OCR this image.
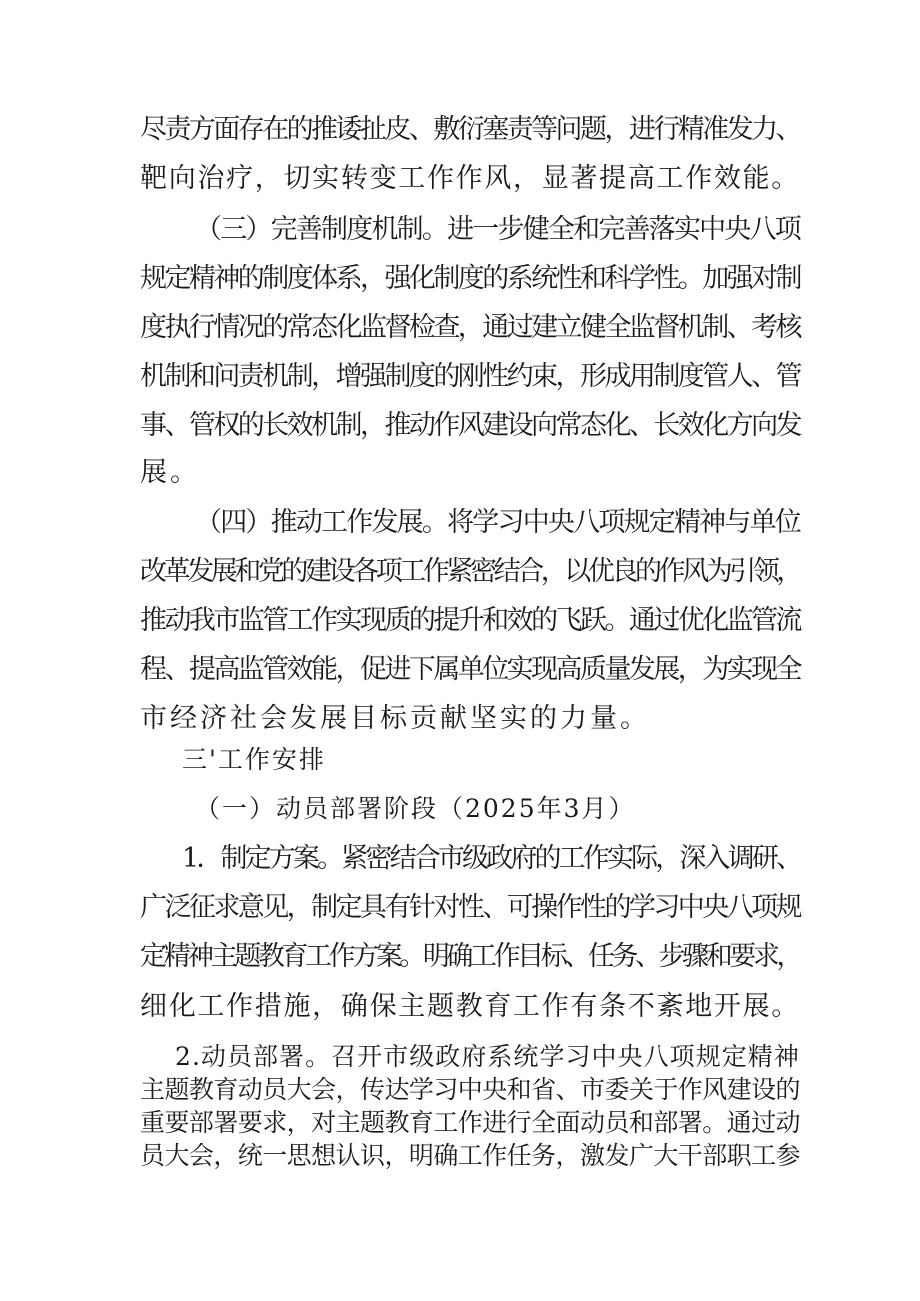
尽责方面存在的推诿扯皮、敷衍塞责等问题，进行精准发力、
靶向治疗，切实转变工作作风，显著提高工作效能。
（三）完善制度机制。进一步健全和完善落实中央八项
规定精神的制度体系，强化制度的系统性和科学性。加强对制
度执行情况的常态化监督检查，通过建立健全监督机制、考核
机制和问责机制，增强制度的刚性约束，形成用制度管人、管
事、管权的长效机制，推动作风建设向常态化、长效化方向发
展。
（四）推动工作发展。将学习中央八项规定精神与单位
改革发展和党的建设各项工作紧密结合，以优良的作风为引领，
推动我市监管工作实现质的提升和效的飞跃。通过优化监管流
程、提高监管效能，促进下属单位实现高质量发展，为实现全
市经济社会发展目标贡献坚实的力量。
三'工作安排
（一）动员部署阶段（2025年3月）
1．制定方案。紧密结合市级政府的工作实际，深入调研、
广泛征求意见，制定具有针对性、可操作性的学习中央八项规
定精神主题教育工作方案。明确工作目标、任务、步骤和要求，
细化工作措施，确保主题教育工作有条不紊地开展。
2.动员部署。召开市级政府系统学习中央八项规定精神
主题教育动员大会，传达学习中央和省、市委关于作风建设的
重要部署要求，对主题教育工作进行全面动员和部署。通过动
员大会，统一思想认识，明确工作任务，激发广大干部职工参
